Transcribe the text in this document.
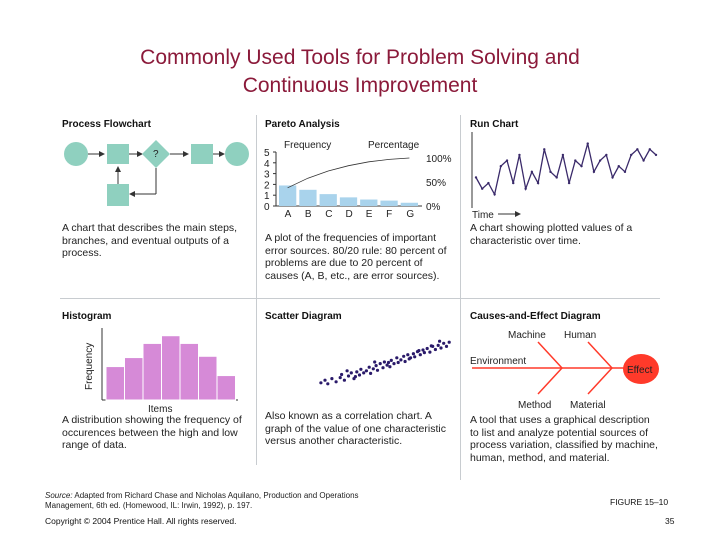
Commonly Used Tools for Problem Solving and
Continuous Improvement
Process Flowchart
?
A chart that describes the main steps, branches, and eventual outputs of a process.
Pareto Analysis
Frequency	Percentage
5
4
3
2
1
0
100%
50%
0%
A B C D E F G
A plot of the frequencies of important error sources. 80/20 rule: 80 percent of problems are due to 20 percent of causes (A, B, etc., are error sources).
Run Chart
Time
A chart showing plotted values of a characteristic over time.
Histogram
Frequency
Items
A distribution showing the frequency of occurences between the high and low range of data.
Scatter Diagram
Also known as a correlation chart. A graph of the value of one characteristic versus another characteristic.
Causes-and-Effect Diagram
Machine Human
Environment
Effect
Method Material
A tool that uses a graphical description to list and analyze potential sources of process variation, classified by machine, human, method, and material.
Source: Adapted from Richard Chase and Nicholas Aquilano, Production and Operations Management, 6th ed. (Homewood, IL: Irwin, 1992), p. 197.
Copyright © 2004 Prentice Hall. All rights reserved.
FIGURE 15–10
35
